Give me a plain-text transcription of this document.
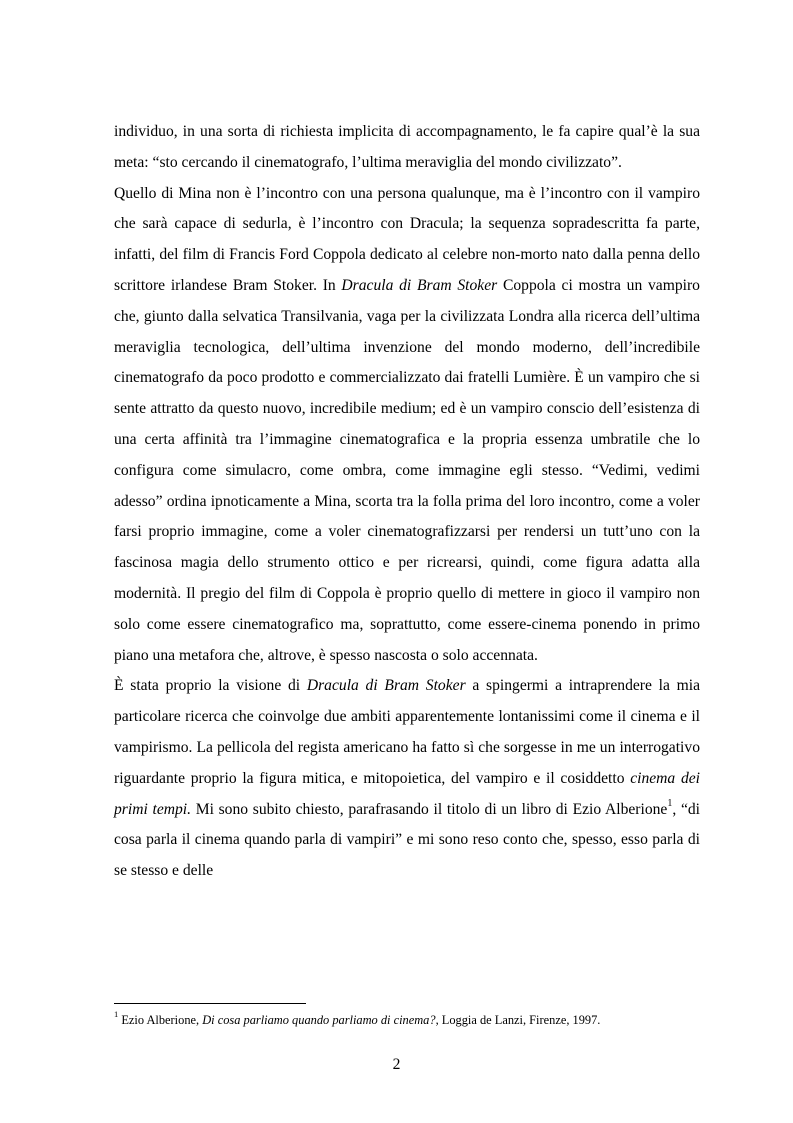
individuo, in una sorta di richiesta implicita di accompagnamento, le fa capire qual’è la sua meta: “sto cercando il cinematografo, l’ultima meraviglia del mondo civilizzato”.

Quello di Mina non è l’incontro con una persona qualunque, ma è l’incontro con il vampiro che sarà capace di sedurla, è l’incontro con Dracula; la sequenza sopradescritta fa parte, infatti, del film di Francis Ford Coppola dedicato al celebre non-morto nato dalla penna dello scrittore irlandese Bram Stoker. In Dracula di Bram Stoker Coppola ci mostra un vampiro che, giunto dalla selvatica Transilvania, vaga per la civilizzata Londra alla ricerca dell’ultima meraviglia tecnologica, dell’ultima invenzione del mondo moderno, dell’incredibile cinematografo da poco prodotto e commercializzato dai fratelli Lumière. È un vampiro che si sente attratto da questo nuovo, incredibile medium; ed è un vampiro conscio dell’esistenza di una certa affinità tra l’immagine cinematografica e la propria essenza umbratile che lo configura come simulacro, come ombra, come immagine egli stesso. “Vedimi, vedimi adesso” ordina ipnoticamente a Mina, scorta tra la folla prima del loro incontro, come a voler farsi proprio immagine, come a voler cinematografizzarsi per rendersi un tutt’uno con la fascinosa magia dello strumento ottico e per ricrearsi, quindi, come figura adatta alla modernità. Il pregio del film di Coppola è proprio quello di mettere in gioco il vampiro non solo come essere cinematografico ma, soprattutto, come essere-cinema ponendo in primo piano una metafora che, altrove, è spesso nascosta o solo accennata.

È stata proprio la visione di Dracula di Bram Stoker a spingermi a intraprendere la mia particolare ricerca che coinvolge due ambiti apparentemente lontanissimi come il cinema e il vampirismo. La pellicola del regista americano ha fatto sì che sorgesse in me un interrogativo riguardante proprio la figura mitica, e mitopoietica, del vampiro e il cosiddetto cinema dei primi tempi. Mi sono subito chiesto, parafrasando il titolo di un libro di Ezio Alberione$^1$, “di cosa parla il cinema quando parla di vampiri” e mi sono reso conto che, spesso, esso parla di se stesso e delle

$^1$ Ezio Alberione, Di cosa parliamo quando parliamo di cinema?, Loggia de Lanzi, Firenze, 1997.
2
